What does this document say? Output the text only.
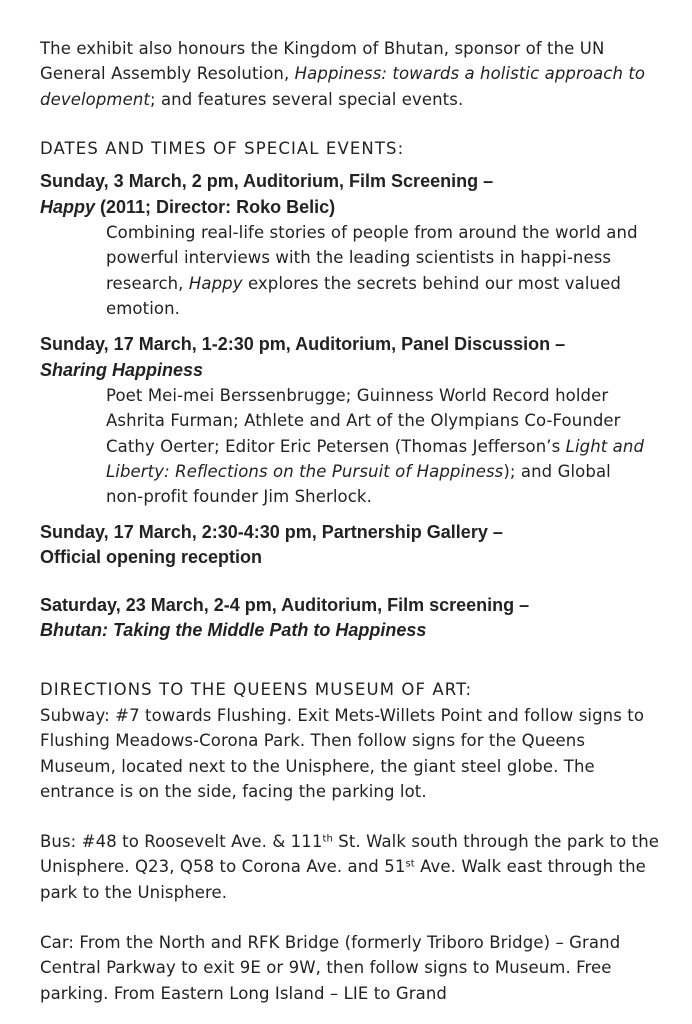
The exhibit also honours the Kingdom of Bhutan, sponsor of the UN General Assembly Resolution, Happiness: towards a holistic approach to development; and features several special events.

DATES AND TIMES OF SPECIAL EVENTS:
Sunday, 3 March, 2 pm, Auditorium, Film Screening –
Happy (2011; Director: Roko Belic)

Combining real-life stories of people from around the world and powerful interviews with the leading scientists in happi-ness research, Happy explores the secrets behind our most valued emotion.

Sunday, 17 March, 1-2:30 pm, Auditorium, Panel Discussion –
Sharing Happiness

Poet Mei-mei Berssenbrugge; Guinness World Record holder Ashrita Furman; Athlete and Art of the Olympians Co-Founder Cathy Oerter; Editor Eric Petersen (Thomas Jefferson’s Light and Liberty: Reflections on the Pursuit of Happiness); and Global non-profit founder Jim Sherlock.

Sunday, 17 March, 2:30-4:30 pm, Partnership Gallery –
Official opening reception
Saturday, 23 March, 2-4 pm, Auditorium, Film screening –
Bhutan: Taking the Middle Path to Happiness
DIRECTIONS TO THE QUEENS MUSEUM OF ART:

Subway: #7 towards Flushing. Exit Mets-Willets Point and follow signs to Flushing Meadows-Corona Park. Then follow signs for the Queens Museum, located next to the Unisphere, the giant steel globe. The entrance is on the side, facing the parking lot.

Bus: #48 to Roosevelt Ave. & 111th St. Walk south through the park to the Unisphere. Q23, Q58 to Corona Ave. and 51st Ave. Walk east through the park to the Unisphere.

Car: From the North and RFK Bridge (formerly Triboro Bridge) – Grand Central Parkway to exit 9E or 9W, then follow signs to Museum. Free parking. From Eastern Long Island – LIE to Grand
